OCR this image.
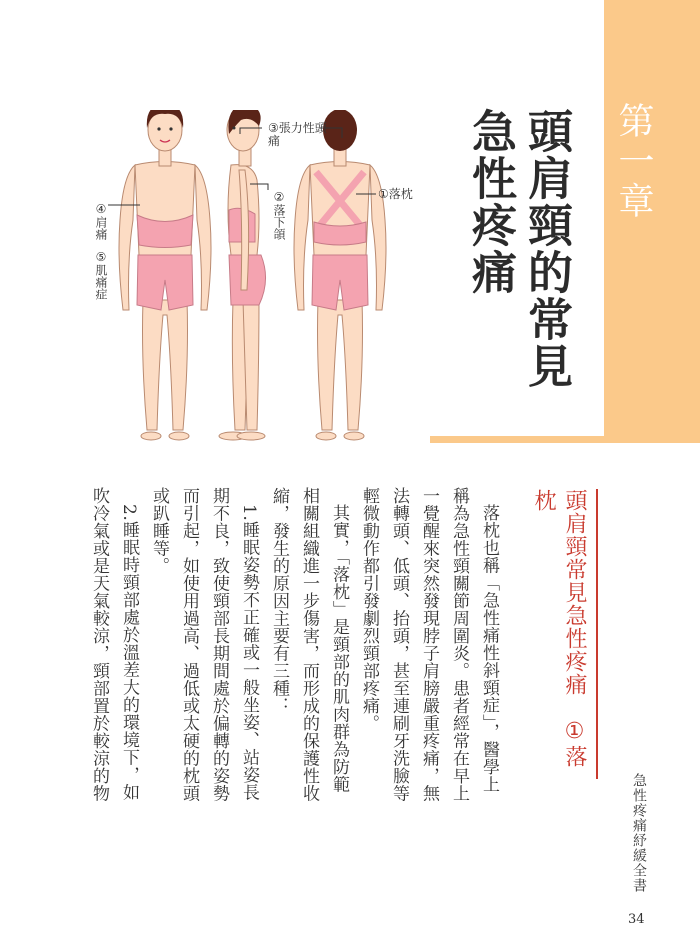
第一章
頭肩頸的常見急性疼痛
③張力性頭痛
①落枕
②落下頜
④肩痛
⑤肌痛症
頭肩頸常見急性疼痛　①落枕

落枕也稱「急性痛性斜頸症」，醫學上稱為急性頸關節周圍炎。患者經常在早上一覺醒來突然發現脖子肩膀嚴重疼痛，無法轉頭、低頭、抬頭，甚至連刷牙洗臉等輕微動作都引發劇烈頸部疼痛。

其實，「落枕」是頸部的肌肉群為防範相關組織進一步傷害，而形成的保護性收縮，發生的原因主要有三種：

1.睡眠姿勢不正確或一般坐姿、站姿長期不良，致使頸部長期間處於偏轉的姿勢而引起，如使用過高、過低或太硬的枕頭或趴睡等。

2.睡眠時頸部處於溫差大的環境下，如吹冷氣或是天氣較涼，頸部置於較涼的物

急性疼痛紓緩全書
34
